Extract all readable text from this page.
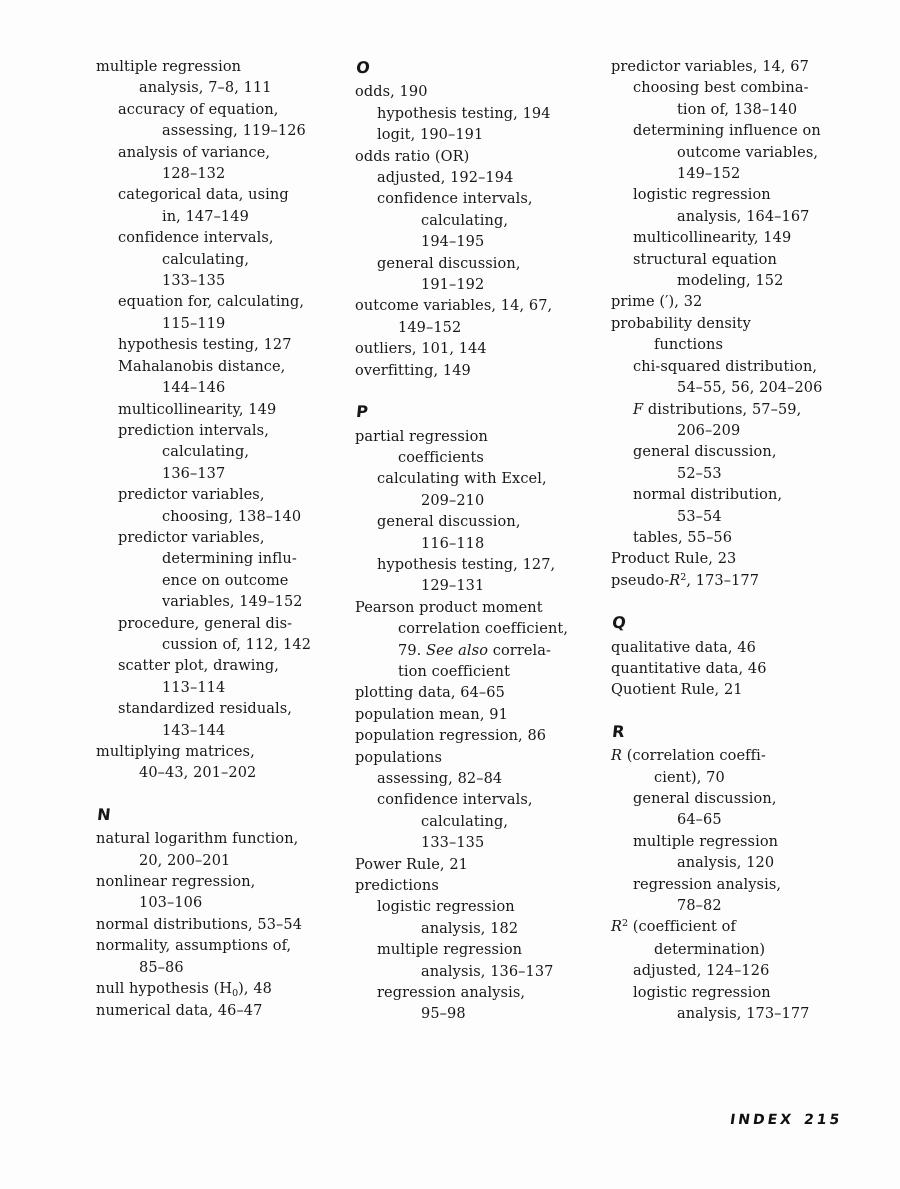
multiple regression
analysis, 7–8, 111
accuracy of equation,
assessing, 119–126
analysis of variance,
128–132
categorical data, using
in, 147–149
confidence intervals,
calculating,
133–135
equation for, calculating,
115–119
hypothesis testing, 127
Mahalanobis distance,
144–146
multicollinearity, 149
prediction intervals,
calculating,
136–137
predictor variables,
choosing, 138–140
predictor variables,
determining influ-
ence on outcome
variables, 149–152
procedure, general dis-
cussion of, 112, 142
scatter plot, drawing,
113–114
standardized residuals,
143–144
multiplying matrices,
40–43, 201–202
N
natural logarithm function,
20, 200–201
nonlinear regression,
103–106
normal distributions, 53–54
normality, assumptions of,
85–86
null hypothesis $(H_0)$, 48
numerical data, 46–47
O
odds, 190
hypothesis testing, 194
logit, 190–191
odds ratio (OR)
adjusted, 192–194
confidence intervals,
calculating,
194–195
general discussion,
191–192
outcome variables, 14, 67,
149–152
outliers, 101, 144
overfitting, 149
P
partial regression
coefficients
calculating with Excel,
209–210
general discussion,
116–118
hypothesis testing, 127,
129–131
Pearson product moment
correlation coefficient,
79. See also correla-
tion coefficient
plotting data, 64–65
population mean, 91
population regression, 86
populations
assessing, 82–84
confidence intervals,
calculating,
133–135
Power Rule, 21
predictions
logistic regression
analysis, 182
multiple regression
analysis, 136–137
regression analysis,
95–98
predictor variables, 14, 67
choosing best combina-
tion of, 138–140
determining influence on
outcome variables,
149–152
logistic regression
analysis, 164–167
multicollinearity, 149
structural equation
modeling, 152
prime (′), 32
probability density
functions
chi-squared distribution,
54–55, 56, 204–206
F distributions, 57–59,
206–209
general discussion,
52–53
normal distribution,
53–54
tables, 55–56
Product Rule, 23
pseudo-$R^2$, 173–177
Q
qualitative data, 46
quantitative data, 46
Quotient Rule, 21
R
R (correlation coeffi-
cient), 70
general discussion,
64–65
multiple regression
analysis, 120
regression analysis,
78–82
$R^2$ (coefficient of
determination)
adjusted, 124–126
logistic regression
analysis, 173–177
INDEX 215
